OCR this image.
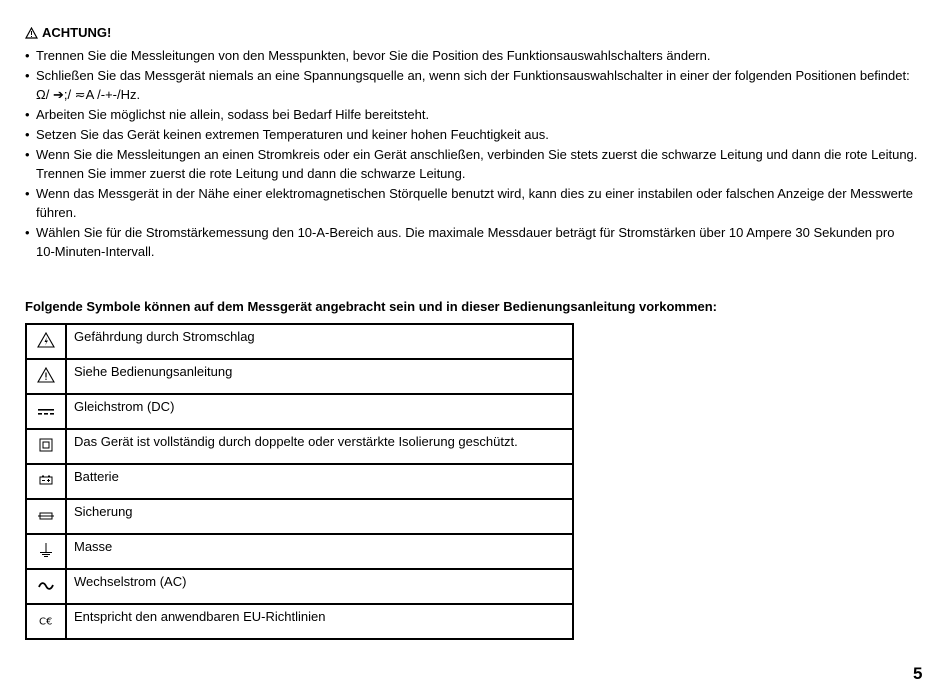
ACHTUNG!
• Trennen Sie die Messleitungen von den Messpunkten, bevor Sie die Position des Funktionsauswahlschalters ändern.
• Schließen Sie das Messgerät niemals an eine Spannungsquelle an, wenn sich der Funktionsauswahlschalter in einer der folgenden Positionen befindet:
Ω/ ➔;/ ≂A /-+-/Hz.
• Arbeiten Sie möglichst nie allein, sodass bei Bedarf Hilfe bereitsteht.
• Setzen Sie das Gerät keinen extremen Temperaturen und keiner hohen Feuchtigkeit aus.
• Wenn Sie die Messleitungen an einen Stromkreis oder ein Gerät anschließen, verbinden Sie stets zuerst die schwarze Leitung und dann die rote Leitung.
Trennen Sie immer zuerst die rote Leitung und dann die schwarze Leitung.
• Wenn das Messgerät in der Nähe einer elektromagnetischen Störquelle benutzt wird, kann dies zu einer instabilen oder falschen Anzeige der Messwerte
führen.
• Wählen Sie für die Stromstärkemessung den 10-A-Bereich aus. Die maximale Messdauer beträgt für Stromstärken über 10 Ampere 30 Sekunden pro
10-Minuten-Intervall.
Folgende Symbole können auf dem Messgerät angebracht sein und in dieser Bedienungsanleitung vorkommen:
	Gefährdung durch Stromschlag

	Siehe Bedienungsanleitung

	Gleichstrom (DC)

	Das Gerät ist vollständig durch doppelte oder verstärkte Isolierung geschützt.

	Batterie

	Sicherung

	Masse

	Wechselstrom (AC)

C€	Entspricht den anwendbaren EU-Richtlinien
5
